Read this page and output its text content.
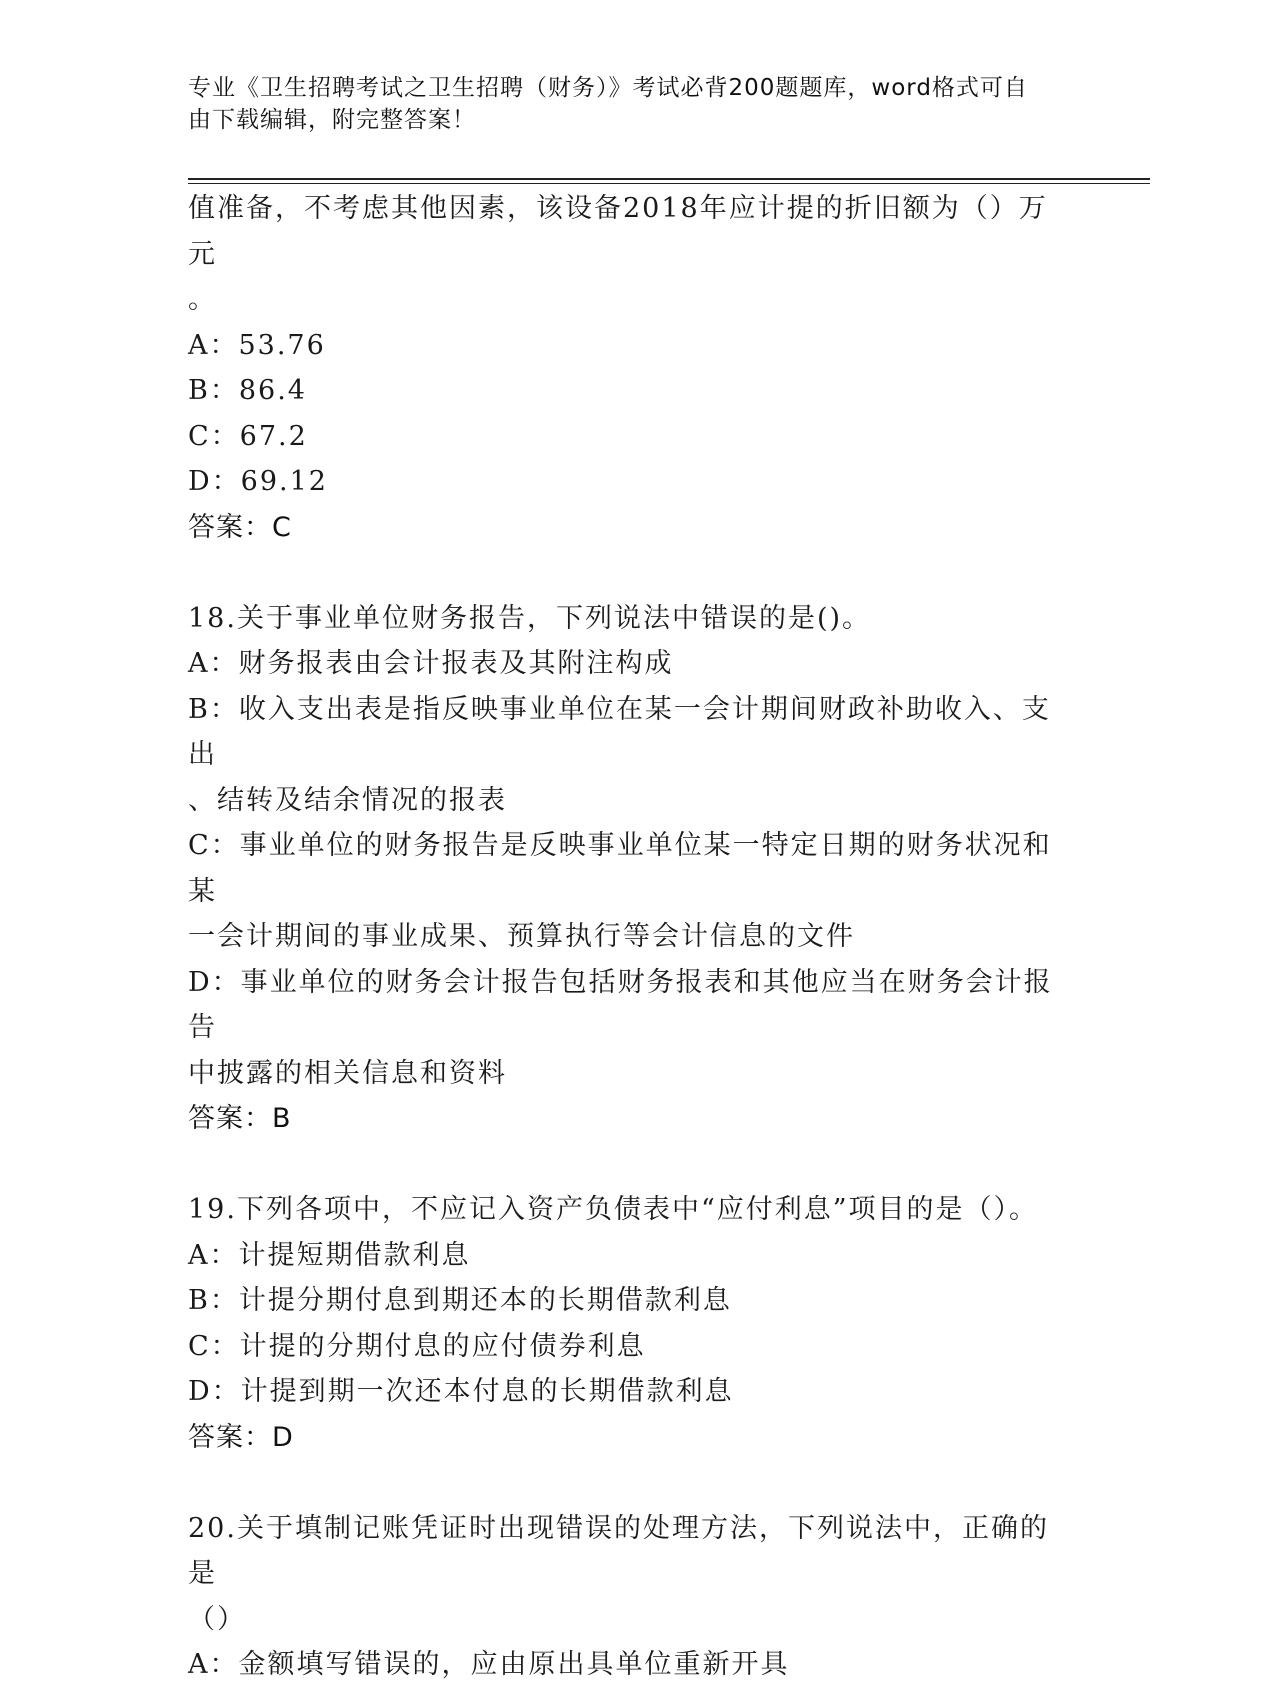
专业《卫生招聘考试之卫生招聘（财务）》考试必背200题题库，word格式可自
由下载编辑，附完整答案！
值准备，不考虑其他因素，该设备2018年应计提的折旧额为（）万元
。
A：53.76
B：86.4
C：67.2
D：69.12
答案：C
18.关于事业单位财务报告，下列说法中错误的是()。
A：财务报表由会计报表及其附注构成
B：收入支出表是指反映事业单位在某一会计期间财政补助收入、支出
、结转及结余情况的报表
C：事业单位的财务报告是反映事业单位某一特定日期的财务状况和某
一会计期间的事业成果、预算执行等会计信息的文件
D：事业单位的财务会计报告包括财务报表和其他应当在财务会计报告
中披露的相关信息和资料
答案：B
19.下列各项中，不应记入资产负债表中“应付利息”项目的是（）。
A：计提短期借款利息
B：计提分期付息到期还本的长期借款利息
C：计提的分期付息的应付债券利息
D：计提到期一次还本付息的长期借款利息
答案：D
20.关于填制记账凭证时出现错误的处理方法，下列说法中，正确的是
（）
A：金额填写错误的，应由原出具单位重新开具
